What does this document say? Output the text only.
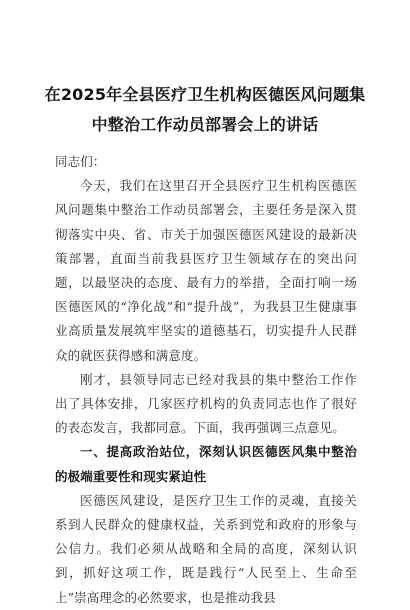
在2025年全县医疗卫生机构医德医风问题集中整治工作动员部署会上的讲话

同志们：

今天，我们在这里召开全县医疗卫生机构医德医风问题集中整治工作动员部署会，主要任务是深入贯彻落实中央、省、市关于加强医德医风建设的最新决策部署，直面当前我县医疗卫生领域存在的突出问题，以最坚决的态度、最有力的举措，全面打响一场医德医风的“净化战”和“提升战”，为我县卫生健康事业高质量发展筑牢坚实的道德基石，切实提升人民群众的就医获得感和满意度。

刚才，县领导同志已经对我县的集中整治工作作出了具体安排，几家医疗机构的负责同志也作了很好的表态发言，我都同意。下面，我再强调三点意见。

一、提高政治站位，深刻认识医德医风集中整治的极端重要性和现实紧迫性

医德医风建设，是医疗卫生工作的灵魂，直接关系到人民群众的健康权益，关系到党和政府的形象与公信力。我们必须从战略和全局的高度，深刻认识到，抓好这项工作，既是践行“人民至上、生命至上”崇高理念的必然要求，也是推动我县
